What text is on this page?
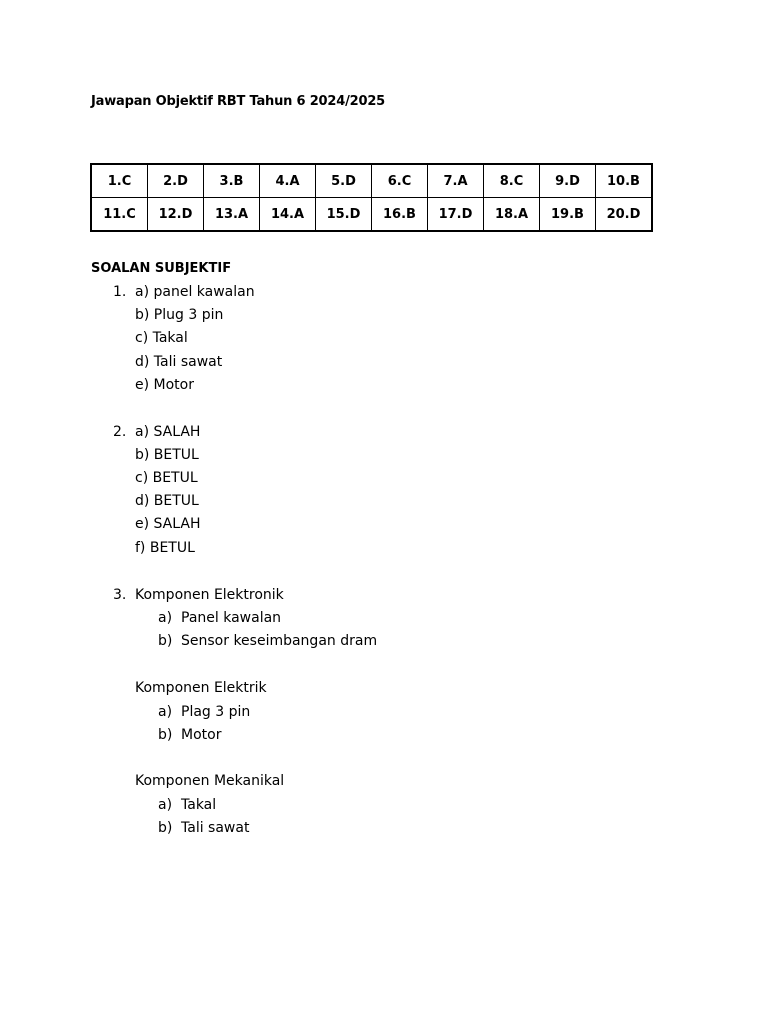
Jawapan Objektif RBT Tahun 6 2024/2025
1.C	2.D	3.B	4.A	5.D	6.C	7.A	8.C	9.D	10.B
11.C	12.D	13.A	14.A	15.D	16.B	17.D	18.A	19.B	20.D
SOALAN SUBJEKTIF
1. a) panel kawalan
b) Plug 3 pin
c) Takal
d) Tali sawat
e) Motor
2. a) SALAH
b) BETUL
c) BETUL
d) BETUL
e) SALAH
f) BETUL
3. Komponen Elektronik
a) Panel kawalan
b) Sensor keseimbangan dram
Komponen Elektrik
a) Plag 3 pin
b) Motor
Komponen Mekanikal
a) Takal
b) Tali sawat
